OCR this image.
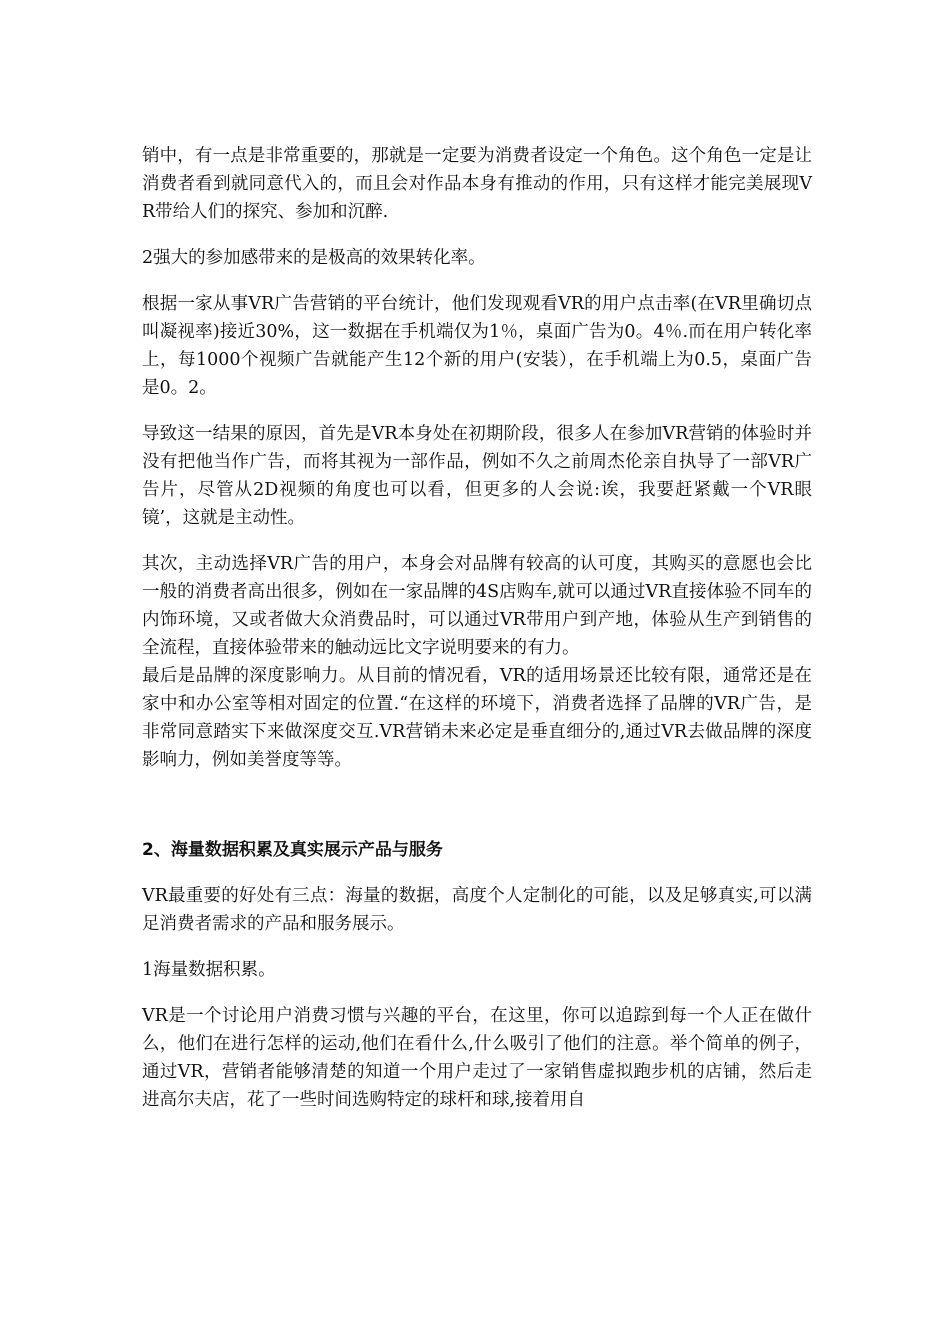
销中，有一点是非常重要的，那就是一定要为消费者设定一个角色。这个角色一定是让消费者看到就同意代入的，而且会对作品本身有推动的作用，只有这样才能完美展现VR带给人们的探究、参加和沉醉.

2强大的参加感带来的是极高的效果转化率。

根据一家从事VR广告营销的平台统计，他们发现观看VR的用户点击率(在VR里确切点叫凝视率)接近30%，这一数据在手机端仅为1％，桌面广告为0。4％.而在用户转化率上，每1000个视频广告就能产生12个新的用户(安装），在手机端上为0.5，桌面广告是0。2。

导致这一结果的原因，首先是VR本身处在初期阶段，很多人在参加VR营销的体验时并没有把他当作广告，而将其视为一部作品，例如不久之前周杰伦亲自执导了一部VR广告片，尽管从2D视频的角度也可以看，但更多的人会说:诶，我要赶紧戴一个VR眼镜’，这就是主动性。

其次，主动选择VR广告的用户，本身会对品牌有较高的认可度，其购买的意愿也会比一般的消费者高出很多，例如在一家品牌的4S店购车,就可以通过VR直接体验不同车的内饰环境，又或者做大众消费品时，可以通过VR带用户到产地，体验从生产到销售的全流程，直接体验带来的触动远比文字说明要来的有力。

最后是品牌的深度影响力。从目前的情况看，VR的适用场景还比较有限，通常还是在家中和办公室等相对固定的位置.“在这样的环境下，消费者选择了品牌的VR广告，是非常同意踏实下来做深度交互.VR营销未来必定是垂直细分的,通过VR去做品牌的深度影响力，例如美誉度等等。

2、海量数据积累及真实展示产品与服务

VR最重要的好处有三点：海量的数据，高度个人定制化的可能，以及足够真实,可以满足消费者需求的产品和服务展示。

1海量数据积累。

VR是一个讨论用户消费习惯与兴趣的平台，在这里，你可以追踪到每一个人正在做什么，他们在进行怎样的运动,他们在看什么,什么吸引了他们的注意。举个简单的例子，通过VR，营销者能够清楚的知道一个用户走过了一家销售虚拟跑步机的店铺，然后走进高尔夫店，花了一些时间选购特定的球杆和球,接着用自
